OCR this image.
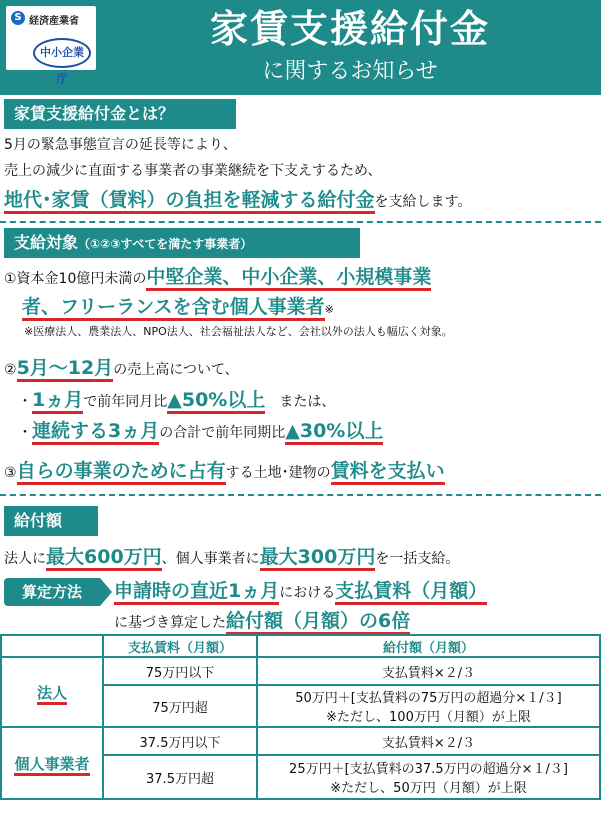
S 経済産業省
中小企業庁
家賃支援給付金
に関するお知らせ
家賃支援給付金とは？
5月の緊急事態宣言の延長等により、
売上の減少に直面する事業者の事業継続を下支えするため、
地代･家賃（賃料）の負担を軽減する給付金を支給します。
支給対象（①②③すべてを満たす事業者）
①資本金10億円未満の中堅企業、中小企業、小規模事業
者、フリーランスを含む個人事業者※
※医療法人、農業法人、NPO法人、社会福祉法人など、会社以外の法人も幅広く対象。
②5月～12月の売上高について、
・1ヵ月で前年同月比▲50%以上 または、
・連続する3ヵ月の合計で前年同期比▲30%以上
③自らの事業のために占有する土地･建物の賃料を支払い
給付額
法人に最大600万円、個人事業者に最大300万円を一括支給。
算定方法	申請時の直近1ヵ月における支払賃料（月額）
に基づき算定した給付額（月額）の6倍
	支払賃料（月額）	給付額（月額）
法人	75万円以下	支払賃料×２/３
	75万円超	50万円＋[支払賃料の75万円の超過分×１/３]
※ただし、100万円（月額）が上限

個人事業者	37.5万円以下	支払賃料×２/３
	37.5万円超	25万円＋[支払賃料の37.5万円の超過分×１/３]
※ただし、50万円（月額）が上限
